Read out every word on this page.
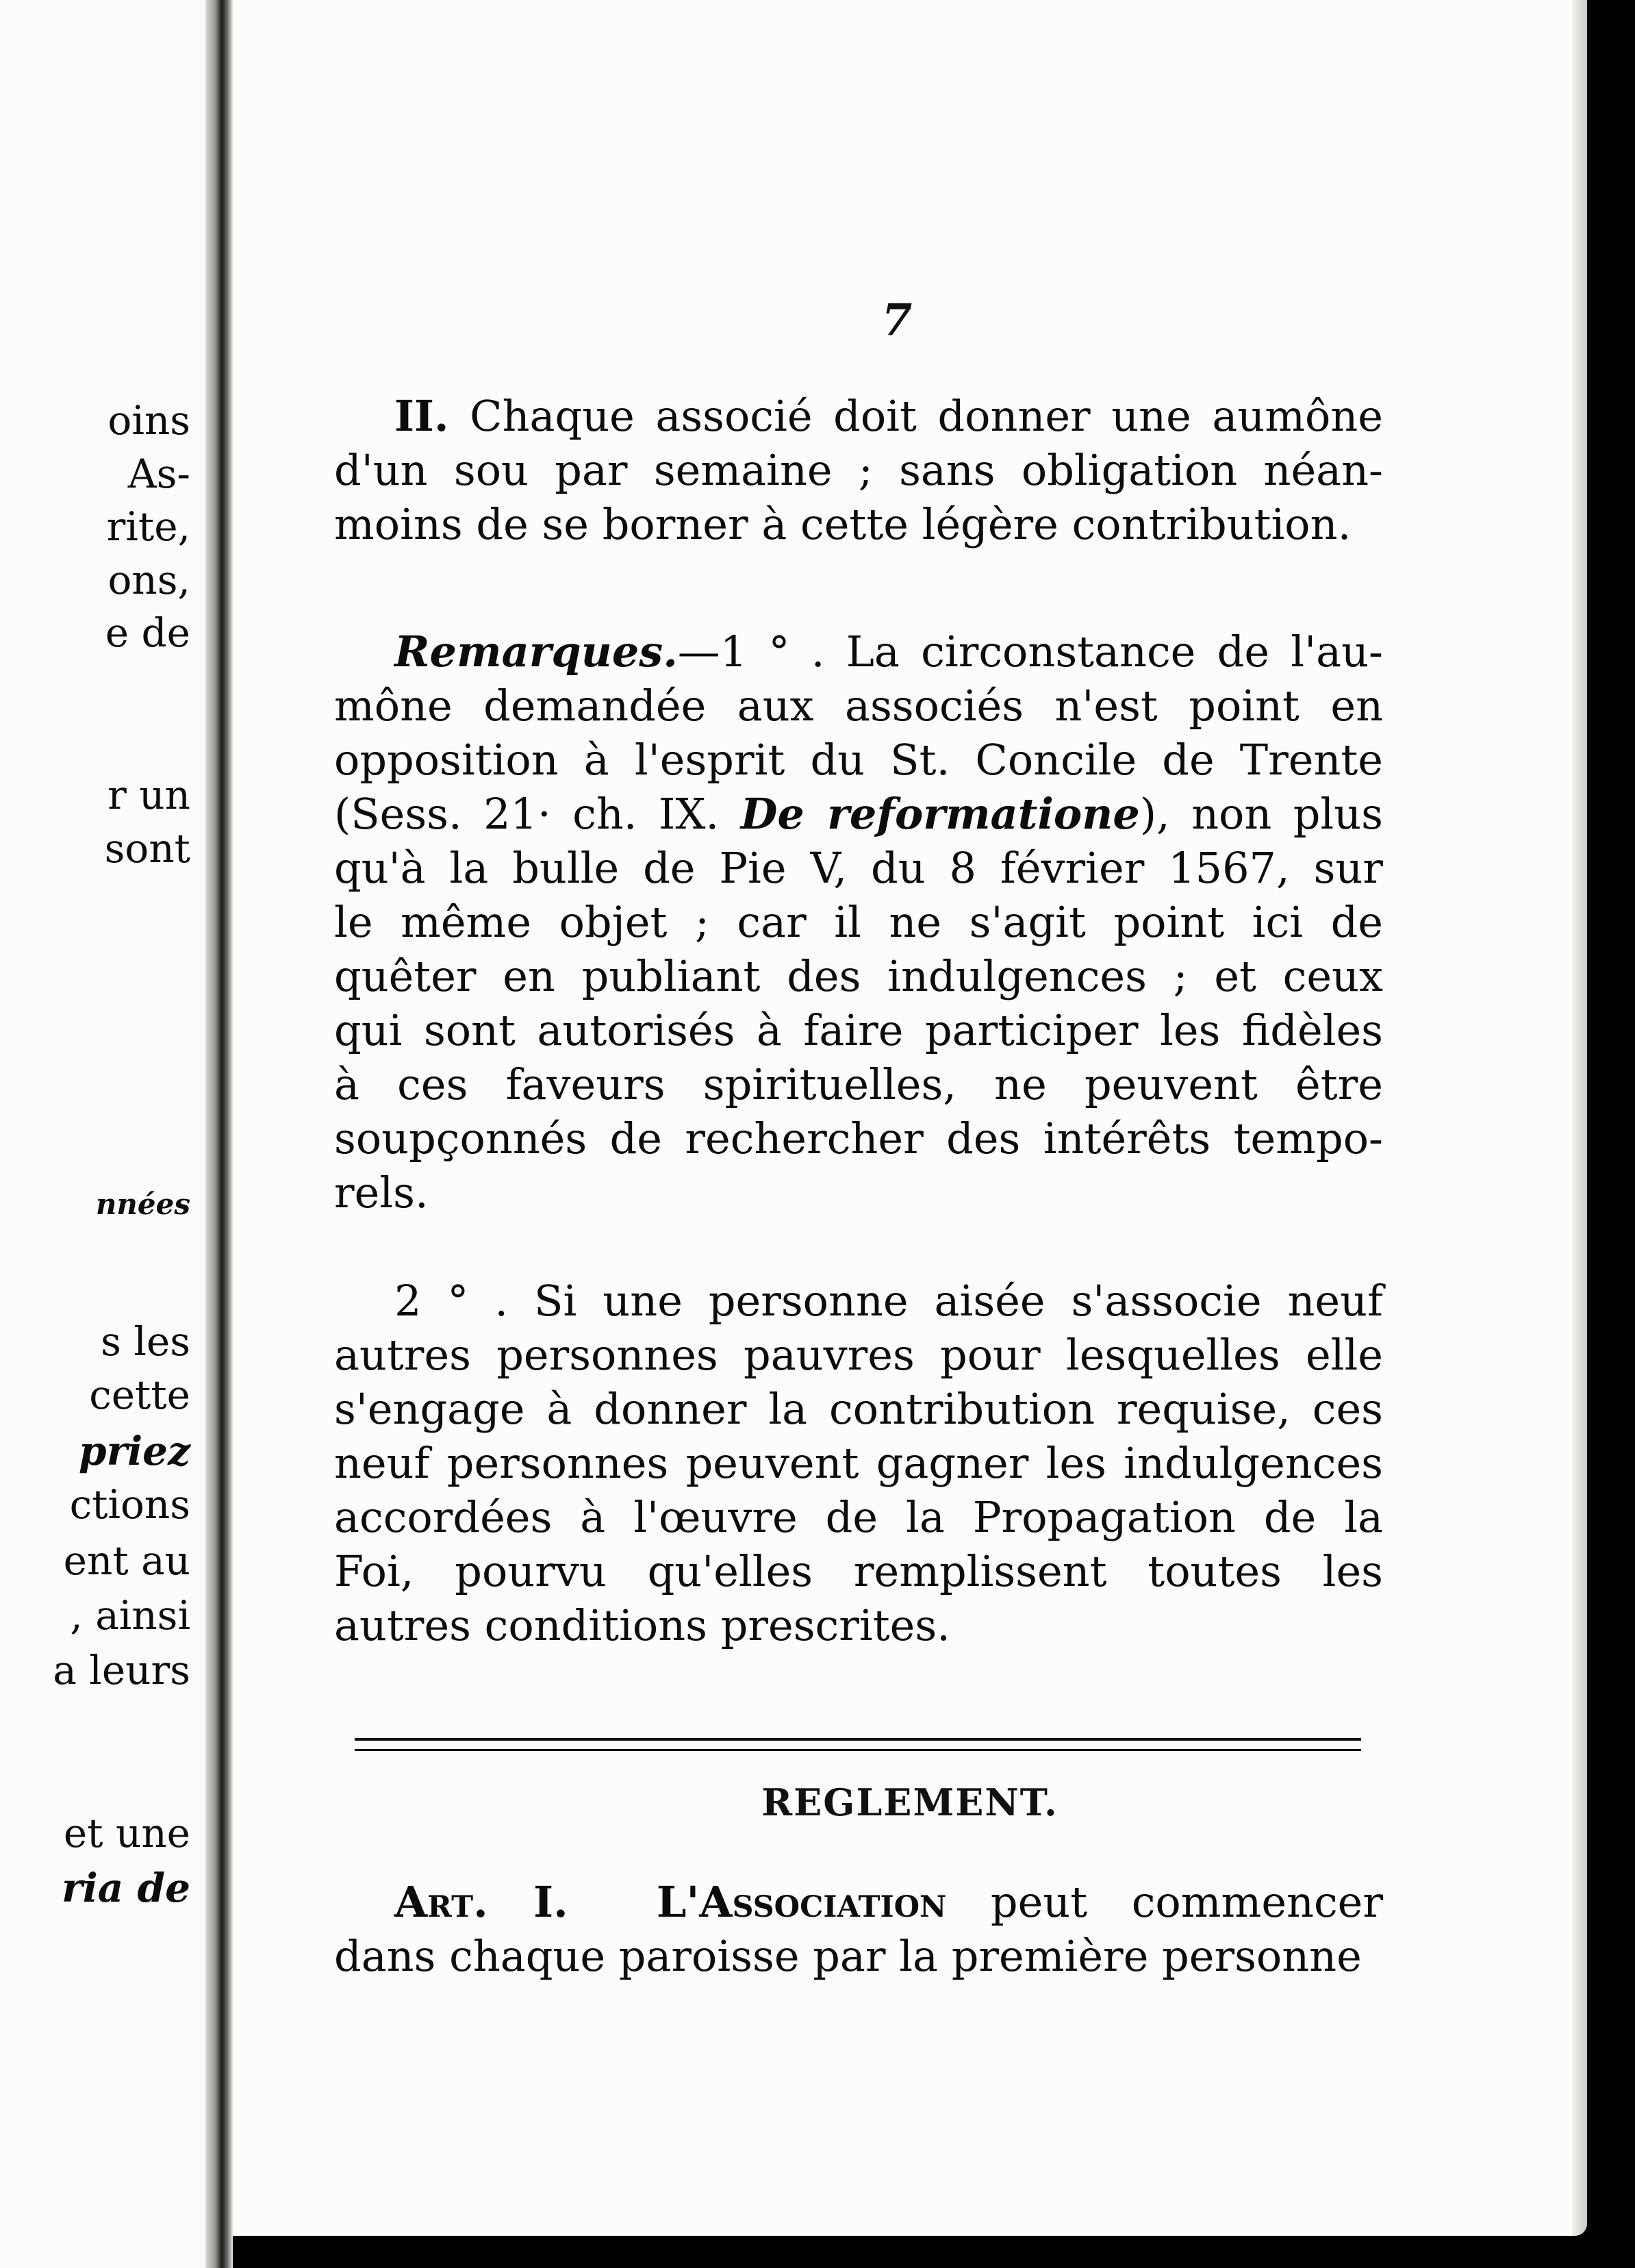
oins
As-
rite,
ons,
e de
r un
sont
nnées
s les
cette
priez
ctions
ent au
, ainsi
a leurs
et une
ria de
7
II. Chaque associé doit donner une aumône
d'un sou par semaine ; sans obligation néan-
moins de se borner à cette légère contribution.
Remarques.—1 ° . La circonstance de l'au-
mône demandée aux associés n'est point en
opposition à l'esprit du St. Concile de Trente
(Sess. 21· ch. IX. De reformatione), non plus
qu'à la bulle de Pie V, du 8 février 1567, sur
le même objet ; car il ne s'agit point ici de
quêter en publiant des indulgences ; et ceux
qui sont autorisés à faire participer les fidèles
à ces faveurs spirituelles, ne peuvent être
soupçonnés de rechercher des intérêts tempo-
rels.
2 ° . Si une personne aisée s'associe neuf
autres personnes pauvres pour lesquelles elle
s'engage à donner la contribution requise, ces
neuf personnes peuvent gagner les indulgences
accordées à l'œuvre de la Propagation de la
Foi, pourvu qu'elles remplissent toutes les
autres conditions prescrites.
REGLEMENT.
Art. I. L'Association peut commencer
dans chaque paroisse par la première personne
